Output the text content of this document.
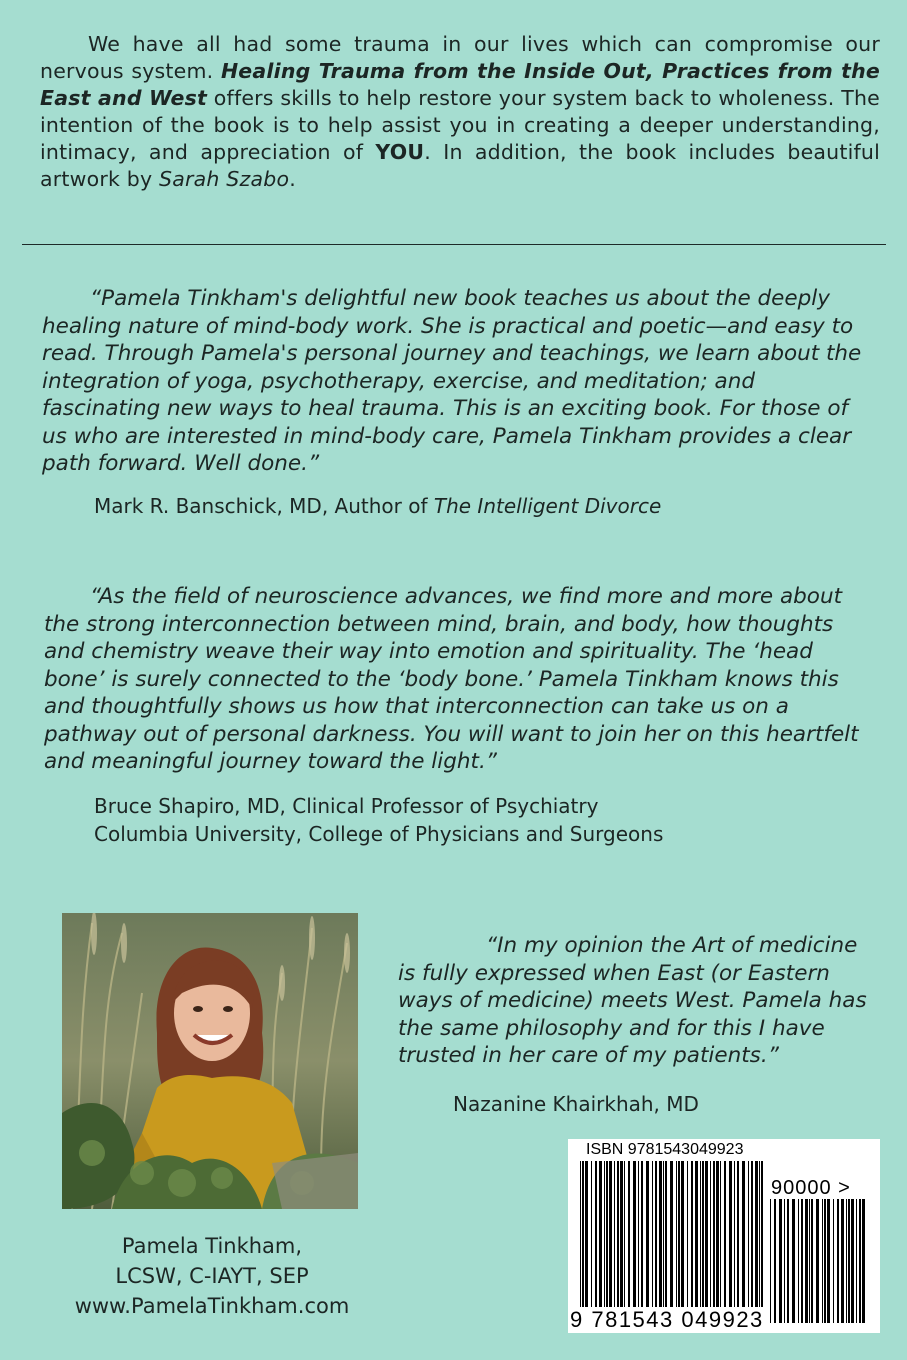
We have all had some trauma in our lives which can compromise our nervous system. Healing Trauma from the Inside Out, Practices from the East and West offers skills to help restore your system back to wholeness. The intention of the book is to help assist you in creating a deeper understanding, intimacy, and appreciation of YOU. In addition, the book includes beautiful artwork by Sarah Szabo.

“Pamela Tinkham's delightful new book teaches us about the deeply healing nature of mind-body work. She is practical and poetic—and easy to read. Through Pamela's personal journey and teachings, we learn about the integration of yoga, psychotherapy, exercise, and meditation; and fascinating new ways to heal trauma. This is an exciting book. For those of us who are interested in mind-body care, Pamela Tinkham provides a clear path forward. Well done.”

Mark R. Banschick, MD, Author of The Intelligent Divorce

“As the field of neuroscience advances, we find more and more about the strong interconnection between mind, brain, and body, how thoughts and chemistry weave their way into emotion and spirituality. The ‘head bone’ is surely connected to the ‘body bone.’ Pamela Tinkham knows this and thoughtfully shows us how that interconnection can take us on a pathway out of personal darkness. You will want to join her on this heartfelt and meaningful journey toward the light.”

Bruce Shapiro, MD, Clinical Professor of Psychiatry
Columbia University, College of Physicians and Surgeons
Pamela Tinkham,
LCSW, C-IAYT, SEP
www.PamelaTinkham.com

“In my opinion the Art of medicine is fully expressed when East (or Eastern ways of medicine) meets West. Pamela has the same philosophy and for this I have trusted in her care of my patients.”

Nazanine Khairkhah, MD
ISBN 9781543049923
90000 >
9 781543 049923
